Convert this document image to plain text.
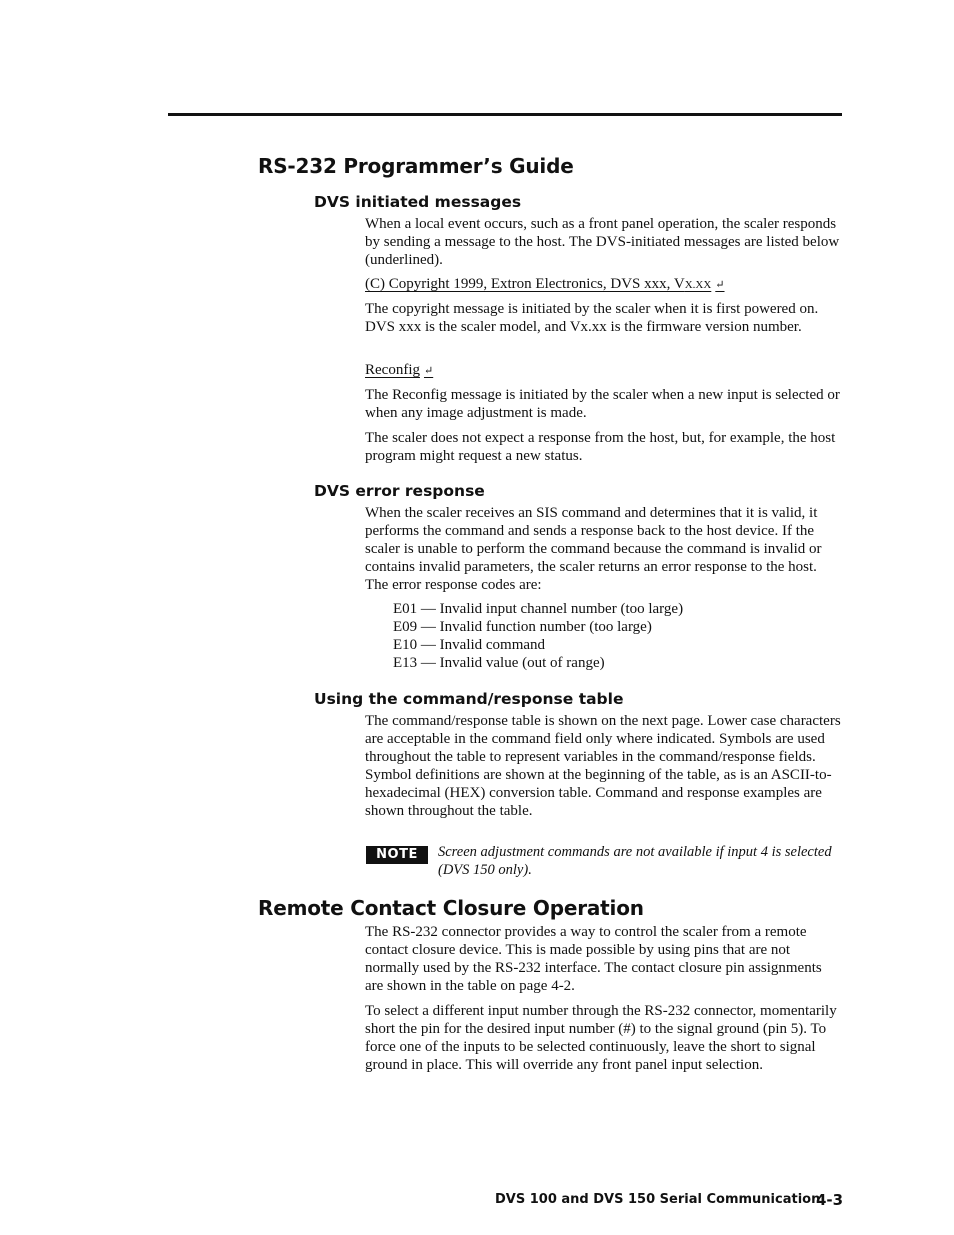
RS-232 Programmer’s Guide
DVS initiated messages

When a local event occurs, such as a front panel operation, the scaler responds by sending a message to the host. The DVS-initiated messages are listed below (underlined).

(C) Copyright 1999, Extron Electronics, DVS xxx, VX.XX ↵

The copyright message is initiated by the scaler when it is first powered on. DVS xxx is the scaler model, and Vx.xx is the firmware version number.

Reconfig ↵

The Reconfig message is initiated by the scaler when a new input is selected or when any image adjustment is made.

The scaler does not expect a response from the host, but, for example, the host program might request a new status.

DVS error response

When the scaler receives an SIS command and determines that it is valid, it performs the command and sends a response back to the host device. If the scaler is unable to perform the command because the command is invalid or contains invalid parameters, the scaler returns an error response to the host. The error response codes are:

E01 — Invalid input channel number (too large)
E09 — Invalid function number (too large)
E10 — Invalid command
E13 — Invalid value (out of range)
Using the command/response table

The command/response table is shown on the next page. Lower case characters are acceptable in the command field only where indicated. Symbols are used throughout the table to represent variables in the command/response fields. Symbol definitions are shown at the beginning of the table, as is an ASCII-to-hexadecimal (HEX) conversion table. Command and response examples are shown throughout the table.

NOTE	Screen adjustment commands are not available if input 4 is selected (DVS 150 only).

Remote Contact Closure Operation

The RS-232 connector provides a way to control the scaler from a remote contact closure device. This is made possible by using pins that are not normally used by the RS-232 interface. The contact closure pin assignments are shown in the table on page 4-2.

To select a different input number through the RS-232 connector, momentarily short the pin for the desired input number (#) to the signal ground (pin 5). To force one of the inputs to be selected continuously, leave the short to signal ground in place. This will override any front panel input selection.

DVS 100 and DVS 150 Serial Communication
4-3
